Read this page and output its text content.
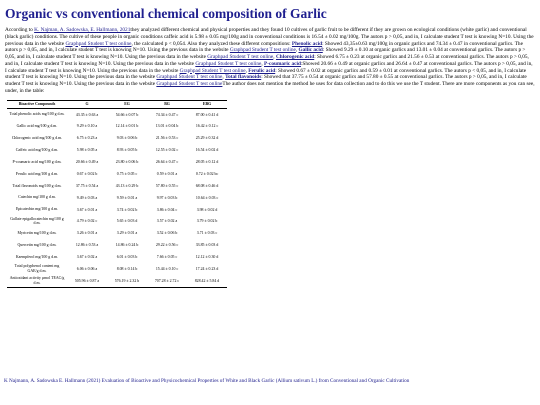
Organic vs conventional chemical composition of Garlic

According to K. Najman, A. Sadowska, E. Hallmann, 2021they analyzed different chemical and physical properties and they found 10 cultives of garlic fruit to be different if they are grown on ecological conditions (white garlic) and conventional (black garlic) conditions. The cultive of these people in organic conditions caffeic acid is 5.98 ± 0.05 mg/100g and in conventional conditions is 16.54 ± 0.02 mg/100g. The autors p > 0,05, and in, I calculate student T test is knowing N=10. Using the previous data in the website Graphpad Student T test online, the calculated p < 0,054. Also they analyzed these different compositions: Phenolic acid: Showed 43,35±0.63 mg/100g in organic garlics and 74.34 ± 0.47 in conventional garlics. The autors p > 0,05, and in, I calculate student T test is knowing N=10. Using the previous data in the website Graphpad Student T test online, Gallic acid: Showed 9.29 ± 0.10 at organic garlics and 13.01 ± 0.04 at conventional garlics. The autors p > 0,05, and in, I calculate student T test is knowing N=10. Using the previous data in the website Graphpad Student T test online, Chlorogenic acid: Showed 6.75 ± 0.23 at organic garlics and 21.56 ± 0.53 at conventional garlics. The autors p > 0,05, and in, I calculate student T test is knowing N=10. Using the previous data in the website Graphpad Student T test online, P-coumaric acid:Showed 20.66 ± 0.49 at organic garlics and 26.64 ± 0.47 at conventional garlics. The autors p > 0,05, and in, I calculate student T test is knowing N=10. Using the previous data in the website Graphpad Student T test online, Ferulic acid: Showed 0.67 ± 0.02 at organic garlics and 0.59 ± 0.01 at conventional garlics. The autors p < 0,05, and in, I calculate student T test is knowing N=10. Using the previous data in the website Graphpad Student T test online, Total flavonoids: Showed that 37.75 ± 0.54 at organic garlics and 57.80 ± 0.55 at conventional garlics. The autors p > 0,05, and in, I calculate student T test is knowing N=10. Using the previous data in the website Graphpad Student T test onlineThe author does not mention the method he uses for data collection and to do this we use the T student. There are more components as you can see, under, in the table:

Bioactive Compounds	G	EG	BG	EBG
Total phenolic acids mg/100 g d.m.	43.35 ± 0.63 a	54.66 ± 0.07 b	74.34 ± 0.47 c	87.00 ± 0.41 d
Gallic acid mg/100 g d.m.	9.29 ± 0.10 a	12.14 ± 0.01 b	13.01 ± 0.04 b	16.42 ± 0.12 c
Chlorogenic acid mg/100 g d.m.	6.75 ± 0.23 a	9.03 ± 0.06 b	21.56 ± 0.53 c	25.29 ± 0.32 d
Caffeic acid mg/100 g d.m.	5.98 ± 0.05 a	8.93 ± 0.05 b	12.55 ± 0.02 c	16.54 ± 0.02 d
P-coumaric acid mg/100 g d.m.	20.66 ± 0.49 a	23.80 ± 0.06 b	26.64 ± 0.47 c	28.05 ± 0.12 d
Ferulic acid mg/100 g d.m.	0.67 ± 0.02 b	0.75 ± 0.05 c	0.59 ± 0.01 a	0.72 ± 0.02 bc
Total flavonoids mg/100 g d.m.	37.75 ± 0.54 a	43.13 ± 0.29 b	57.80 ± 0.55 c	68.08 ± 0.46 d
Catechin mg/100 g d.m.	9.49 ± 0.03 a	9.59 ± 0.01 a	9.97 ± 0.03 b	10.64 ± 0.03 c
Epicatechin mg/100 g d.m.	3.67 ± 0.01 a	3.74 ± 0.02 b	3.86 ± 0.04 c	3.98 ± 0.02 d
Gallate epigallocatechin mg/100 g d.m.	4.79 ± 0.02 c	5.65 ± 0.03 d	3.57 ± 0.02 a	3.79 ± 0.02 b
Myricetin mg/100 g d.m.	3.26 ± 0.01 a	3.29 ± 0.01 a	3.52 ± 0.06 b	3.71 ± 0.03 c
Quercetin mg/100 g d.m.	12.86 ± 0.53 a	14.86 ± 0.24 b	29.22 ± 0.56 c	33.85 ± 0.03 d
Kaempferol mg/100 g d.m.	3.67 ± 0.02 a	6.01 ± 0.03 b	7.66 ± 0.05 c	12.12 ± 0.30 d
Total polyphenol content mg GAE/g d.m.	6.06 ± 0.06 a	8.08 ± 0.14 b	15.44 ± 0.10 c	17.24 ± 0.23 d
Antioxidant activity µmol TEAC/g d.m.	505.96 ± 0.87 a	576.19 ± 2.32 b	707.28 ± 2.72 c	828.42 ± 5.84 d
K Najmann, A. Sadowska E. Hallmann (2021) Evaluation of Bioactive and Physicochemical Properties of White and Black Garlic (Allium sativum L.) from Conventional and Organic Cultivation
